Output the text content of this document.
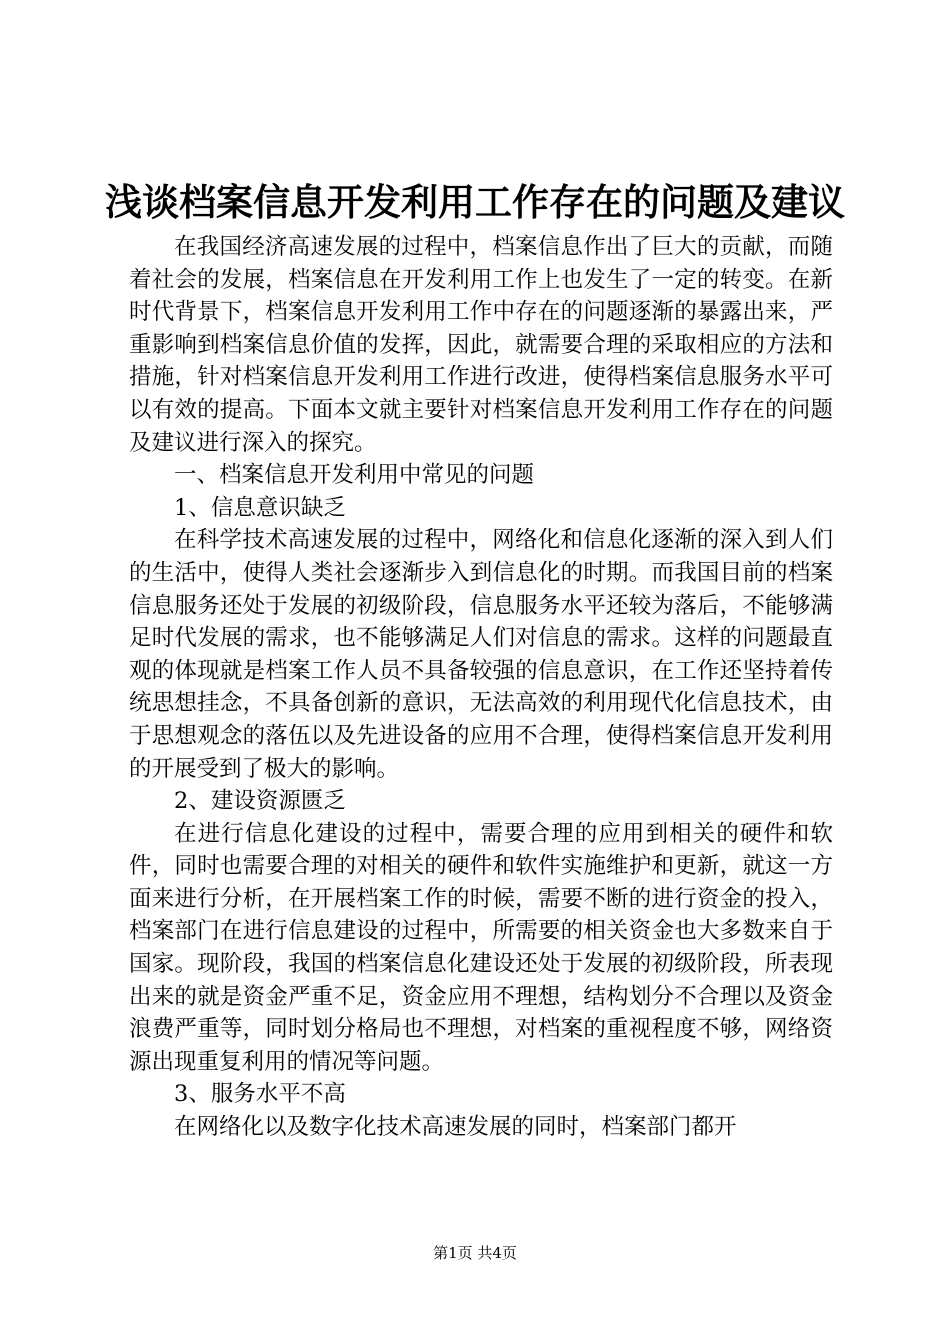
浅谈档案信息开发利用工作存在的问题及建议

在我国经济高速发展的过程中，档案信息作出了巨大的贡献，而随着社会的发展，档案信息在开发利用工作上也发生了一定的转变。在新时代背景下，档案信息开发利用工作中存在的问题逐渐的暴露出来，严重影响到档案信息价值的发挥，因此，就需要合理的采取相应的方法和措施，针对档案信息开发利用工作进行改进，使得档案信息服务水平可以有效的提高。下面本文就主要针对档案信息开发利用工作存在的问题及建议进行深入的探究。

一、档案信息开发利用中常见的问题

1、信息意识缺乏

在科学技术高速发展的过程中，网络化和信息化逐渐的深入到人们的生活中，使得人类社会逐渐步入到信息化的时期。而我国目前的档案信息服务还处于发展的初级阶段，信息服务水平还较为落后，不能够满足时代发展的需求，也不能够满足人们对信息的需求。这样的问题最直观的体现就是档案工作人员不具备较强的信息意识，在工作还坚持着传统思想挂念，不具备创新的意识，无法高效的利用现代化信息技术，由于思想观念的落伍以及先进设备的应用不合理，使得档案信息开发利用的开展受到了极大的影响。

2、建设资源匮乏

在进行信息化建设的过程中，需要合理的应用到相关的硬件和软件，同时也需要合理的对相关的硬件和软件实施维护和更新，就这一方面来进行分析，在开展档案工作的时候，需要不断的进行资金的投入，档案部门在进行信息建设的过程中，所需要的相关资金也大多数来自于国家。现阶段，我国的档案信息化建设还处于发展的初级阶段，所表现出来的就是资金严重不足，资金应用不理想，结构划分不合理以及资金浪费严重等，同时划分格局也不理想，对档案的重视程度不够，网络资源出现重复利用的情况等问题。

3、服务水平不高

在网络化以及数字化技术高速发展的同时，档案部门都开

第1页 共4页
